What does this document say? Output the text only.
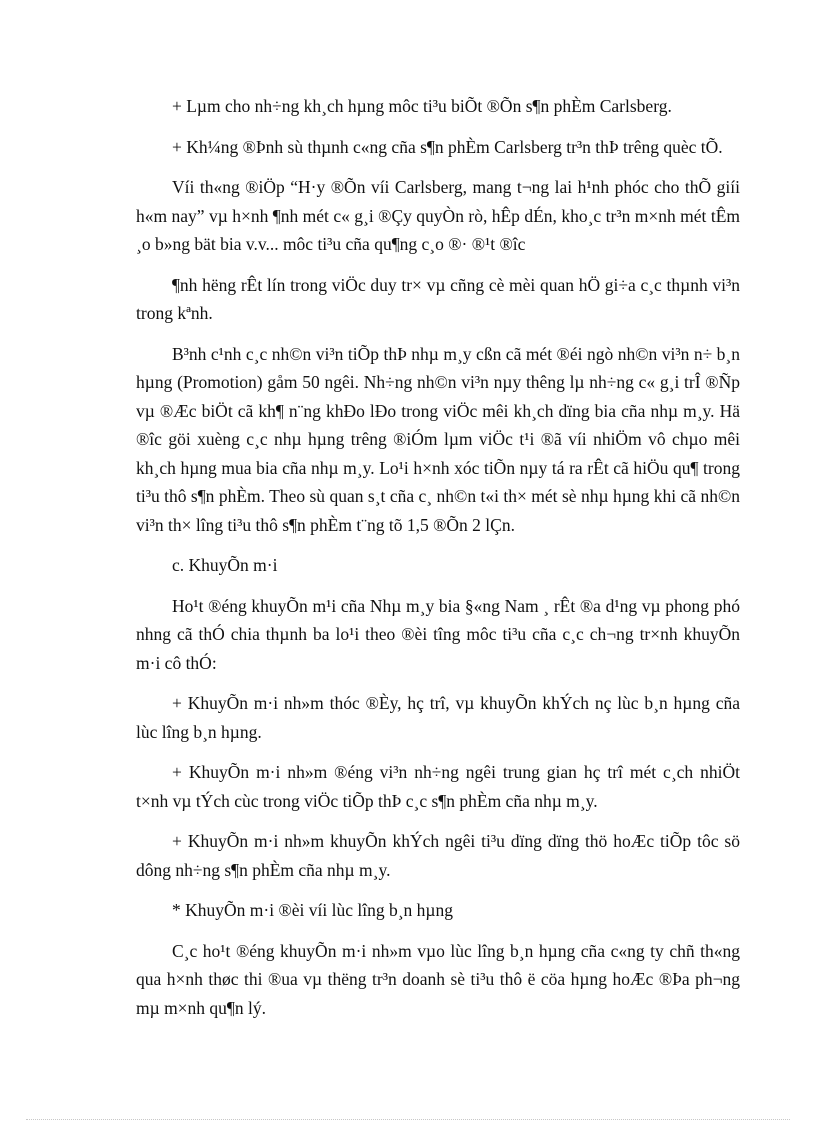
+ Lµm cho nh÷ng kh¸ch hµng môc ti³u biÕt ®Õn s¶n phÈm Carlsberg.

+ Kh¼ng ®Þnh sù thµnh c«ng cña s¶n phÈm Carlsberg tr³n thÞ trêng quèc tÕ.

Víi th«ng ®iÖp “H·y ®Õn víi Carlsberg, mang t¬ng lai h¹nh phóc cho thÕ giíi h«m nay” vµ h×nh ¶nh mét c« g¸i ®Çy quyÒn rò, hÊp dÉn, kho¸c tr³n m×nh mét tÊm ¸o b»ng bät bia v.v... môc ti³u cña qu¶ng c¸o ®· ®¹t ®îc

¶nh hëng rÊt lín trong viÖc duy tr× vµ cñng cè mèi quan hÖ gi÷a c¸c thµnh vi³n trong kªnh.

B³nh c¹nh c¸c nh©n vi³n tiÕp thÞ nhµ m¸y cßn cã mét ®éi ngò nh©n vi³n n÷ b¸n hµng (Promotion) gåm 50 ngêi. Nh÷ng nh©n vi³n nµy thêng lµ nh÷ng c« g¸i trÎ ®Ñp vµ ®Æc biÖt cã kh¶ n¨ng khÐo lÐo trong viÖc mêi kh¸ch dïng bia cña nhµ m¸y. Hä ®îc göi xuèng c¸c nhµ hµng trêng ®iÓm lµm viÖc t¹i ®ã víi nhiÖm vô chµo mêi kh¸ch hµng mua bia cña nhµ m¸y. Lo¹i h×nh xóc tiÕn nµy tá ra rÊt cã hiÖu qu¶ trong ti³u thô s¶n phÈm. Theo sù quan s¸t cña c¸ nh©n t«i th× mét sè nhµ hµng khi cã nh©n vi³n th× lîng ti³u thô s¶n phÈm t¨ng tõ 1,5 ®Õn 2 lÇn.

c. KhuyÕn m·i

Ho¹t ®éng khuyÕn m¹i cña Nhµ m¸y bia §«ng Nam ¸ rÊt ®a d¹ng vµ phong phó nhng cã thÓ chia thµnh ba lo¹i theo ®èi tîng môc ti³u cña c¸c ch¬ng tr×nh khuyÕn m·i cô thÓ:

+ KhuyÕn m·i nh»m thóc ®Èy, hç trî, vµ khuyÕn khÝch nç lùc b¸n hµng cña lùc lîng b¸n hµng.

+ KhuyÕn m·i nh»m ®éng vi³n nh÷ng ngêi trung gian hç trî mét c¸ch nhiÖt t×nh vµ tÝch cùc trong viÖc tiÕp thÞ c¸c s¶n phÈm cña nhµ m¸y.

+ KhuyÕn m·i nh»m khuyÕn khÝch ngêi ti³u dïng dïng thö hoÆc tiÕp tôc sö dông nh÷ng s¶n phÈm cña nhµ m¸y.

* KhuyÕn m·i ®èi víi lùc lîng b¸n hµng

C¸c ho¹t ®éng khuyÕn m·i nh»m vµo lùc lîng b¸n hµng cña c«ng ty chñ th«ng qua h×nh thøc thi ®ua vµ thëng tr³n doanh sè ti³u thô ë cöa hµng hoÆc ®Þa ph¬ng mµ m×nh qu¶n lý.
